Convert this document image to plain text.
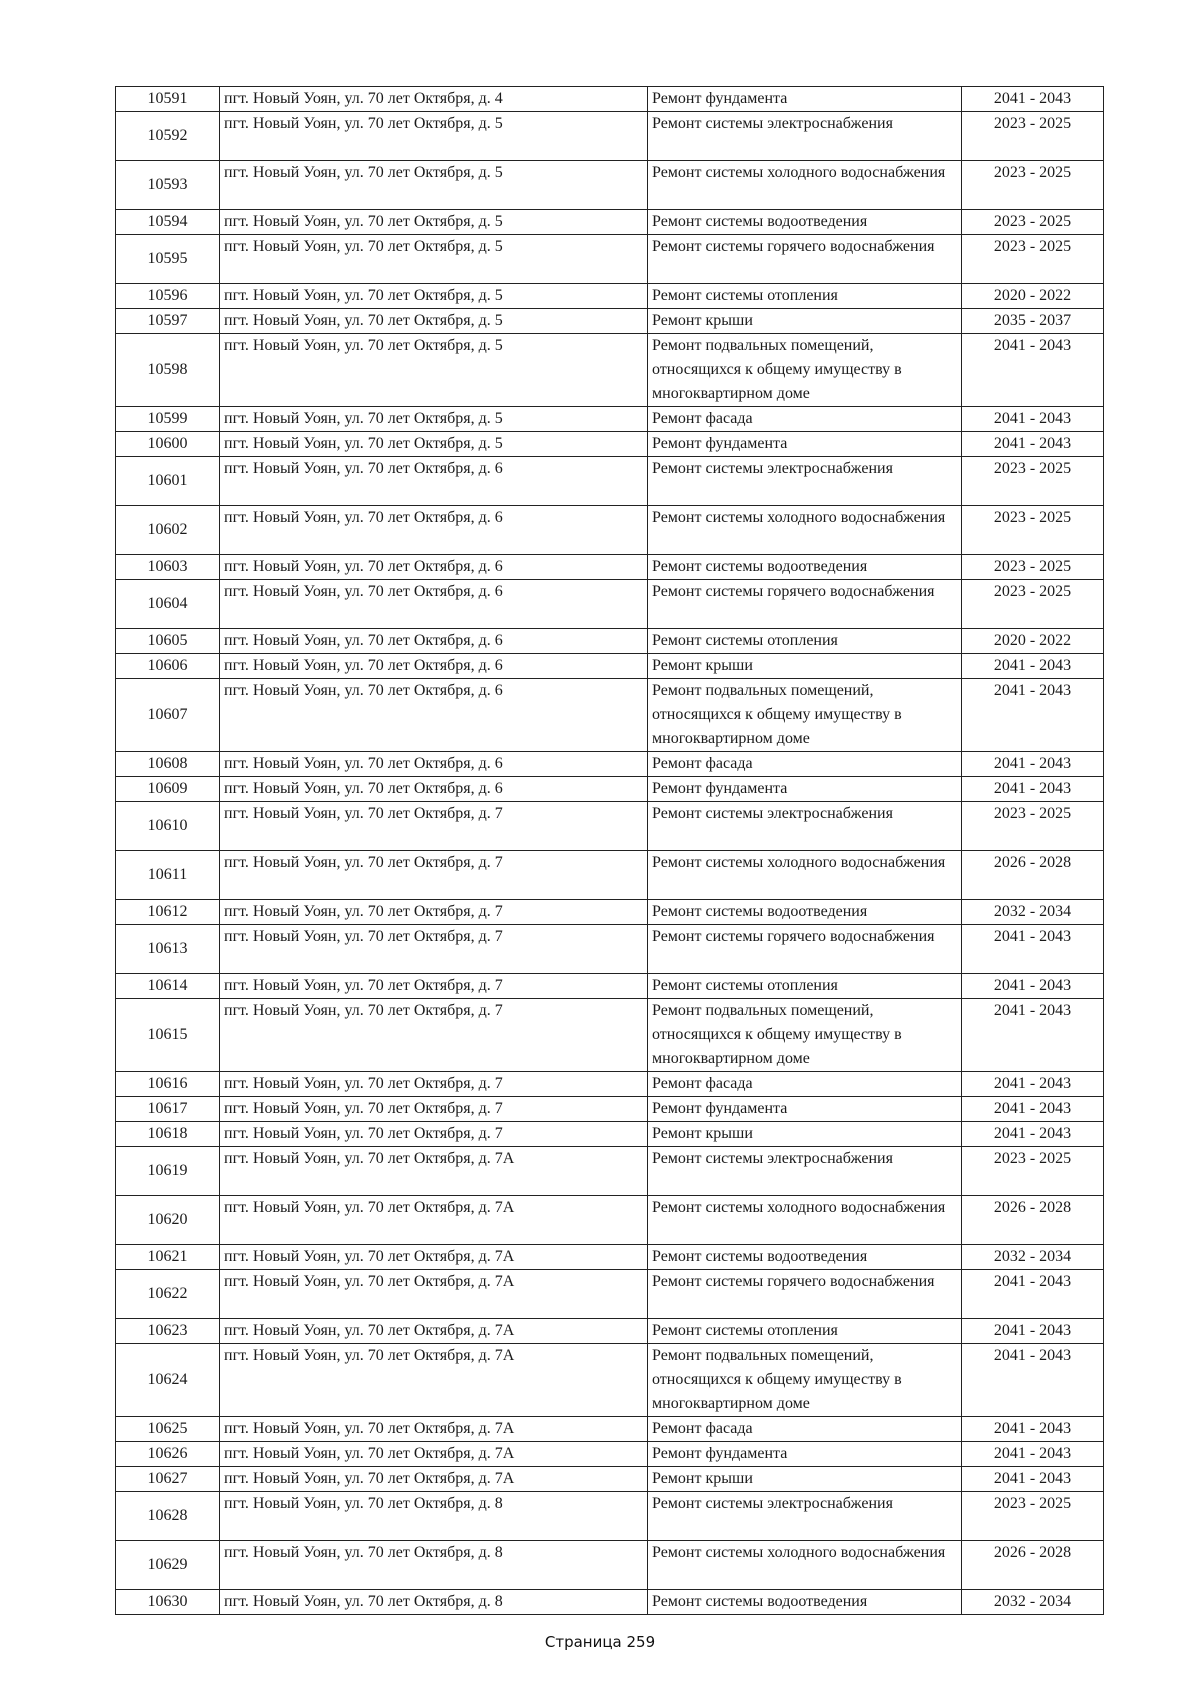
10591	пгт. Новый Уоян, ул. 70 лет Октября, д. 4	Ремонт фундамента	2041 - 2043
10592	пгт. Новый Уоян, ул. 70 лет Октября, д. 5	Ремонт системы электроснабжения	2023 - 2025
10593	пгт. Новый Уоян, ул. 70 лет Октября, д. 5	Ремонт системы холодного водоснабжения	2023 - 2025
10594	пгт. Новый Уоян, ул. 70 лет Октября, д. 5	Ремонт системы водоотведения	2023 - 2025
10595	пгт. Новый Уоян, ул. 70 лет Октября, д. 5	Ремонт системы горячего водоснабжения	2023 - 2025
10596	пгт. Новый Уоян, ул. 70 лет Октября, д. 5	Ремонт системы отопления	2020 - 2022
10597	пгт. Новый Уоян, ул. 70 лет Октября, д. 5	Ремонт крыши	2035 - 2037
10598	пгт. Новый Уоян, ул. 70 лет Октября, д. 5	Ремонт подвальных помещений, относящихся к общему имуществу в многоквартирном доме	2041 - 2043
10599	пгт. Новый Уоян, ул. 70 лет Октября, д. 5	Ремонт фасада	2041 - 2043
10600	пгт. Новый Уоян, ул. 70 лет Октября, д. 5	Ремонт фундамента	2041 - 2043
10601	пгт. Новый Уоян, ул. 70 лет Октября, д. 6	Ремонт системы электроснабжения	2023 - 2025
10602	пгт. Новый Уоян, ул. 70 лет Октября, д. 6	Ремонт системы холодного водоснабжения	2023 - 2025
10603	пгт. Новый Уоян, ул. 70 лет Октября, д. 6	Ремонт системы водоотведения	2023 - 2025
10604	пгт. Новый Уоян, ул. 70 лет Октября, д. 6	Ремонт системы горячего водоснабжения	2023 - 2025
10605	пгт. Новый Уоян, ул. 70 лет Октября, д. 6	Ремонт системы отопления	2020 - 2022
10606	пгт. Новый Уоян, ул. 70 лет Октября, д. 6	Ремонт крыши	2041 - 2043
10607	пгт. Новый Уоян, ул. 70 лет Октября, д. 6	Ремонт подвальных помещений, относящихся к общему имуществу в многоквартирном доме	2041 - 2043
10608	пгт. Новый Уоян, ул. 70 лет Октября, д. 6	Ремонт фасада	2041 - 2043
10609	пгт. Новый Уоян, ул. 70 лет Октября, д. 6	Ремонт фундамента	2041 - 2043
10610	пгт. Новый Уоян, ул. 70 лет Октября, д. 7	Ремонт системы электроснабжения	2023 - 2025
10611	пгт. Новый Уоян, ул. 70 лет Октября, д. 7	Ремонт системы холодного водоснабжения	2026 - 2028
10612	пгт. Новый Уоян, ул. 70 лет Октября, д. 7	Ремонт системы водоотведения	2032 - 2034
10613	пгт. Новый Уоян, ул. 70 лет Октября, д. 7	Ремонт системы горячего водоснабжения	2041 - 2043
10614	пгт. Новый Уоян, ул. 70 лет Октября, д. 7	Ремонт системы отопления	2041 - 2043
10615	пгт. Новый Уоян, ул. 70 лет Октября, д. 7	Ремонт подвальных помещений, относящихся к общему имуществу в многоквартирном доме	2041 - 2043
10616	пгт. Новый Уоян, ул. 70 лет Октября, д. 7	Ремонт фасада	2041 - 2043
10617	пгт. Новый Уоян, ул. 70 лет Октября, д. 7	Ремонт фундамента	2041 - 2043
10618	пгт. Новый Уоян, ул. 70 лет Октября, д. 7	Ремонт крыши	2041 - 2043
10619	пгт. Новый Уоян, ул. 70 лет Октября, д. 7А	Ремонт системы электроснабжения	2023 - 2025
10620	пгт. Новый Уоян, ул. 70 лет Октября, д. 7А	Ремонт системы холодного водоснабжения	2026 - 2028
10621	пгт. Новый Уоян, ул. 70 лет Октября, д. 7А	Ремонт системы водоотведения	2032 - 2034
10622	пгт. Новый Уоян, ул. 70 лет Октября, д. 7А	Ремонт системы горячего водоснабжения	2041 - 2043
10623	пгт. Новый Уоян, ул. 70 лет Октября, д. 7А	Ремонт системы отопления	2041 - 2043
10624	пгт. Новый Уоян, ул. 70 лет Октября, д. 7А	Ремонт подвальных помещений, относящихся к общему имуществу в многоквартирном доме	2041 - 2043
10625	пгт. Новый Уоян, ул. 70 лет Октября, д. 7А	Ремонт фасада	2041 - 2043
10626	пгт. Новый Уоян, ул. 70 лет Октября, д. 7А	Ремонт фундамента	2041 - 2043
10627	пгт. Новый Уоян, ул. 70 лет Октября, д. 7А	Ремонт крыши	2041 - 2043
10628	пгт. Новый Уоян, ул. 70 лет Октября, д. 8	Ремонт системы электроснабжения	2023 - 2025
10629	пгт. Новый Уоян, ул. 70 лет Октября, д. 8	Ремонт системы холодного водоснабжения	2026 - 2028
10630	пгт. Новый Уоян, ул. 70 лет Октября, д. 8	Ремонт системы водоотведения	2032 - 2034
Страница 259
